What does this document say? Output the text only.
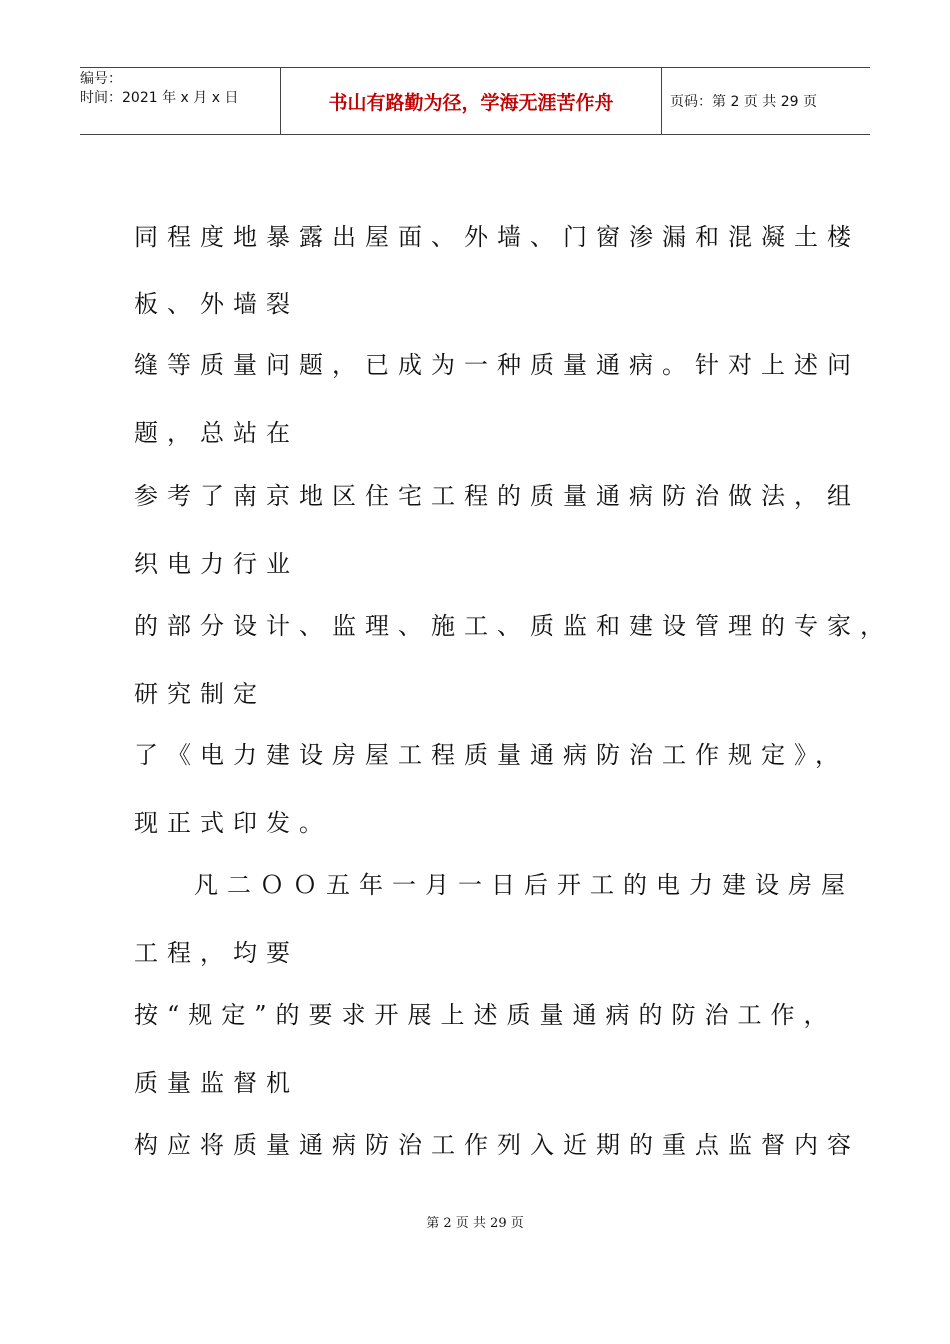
编号：
时间：2021 年 x 月 x 日	书山有路勤为径，学海无涯苦作舟	页码：第 2 页 共 29 页
同程度地暴露出屋面、外墙、门窗渗漏和混凝土楼
板、外墙裂
缝等质量问题，已成为一种质量通病。针对上述问
题，总站在
参考了南京地区住宅工程的质量通病防治做法，组
织电力行业
的部分设计、监理、施工、质监和建设管理的专家，
研究制定
了《电力建设房屋工程质量通病防治工作规定》，
现正式印发。
凡二ＯＯ五年一月一日后开工的电力建设房屋
工程，均要
按“规定”的要求开展上述质量通病的防治工作，
质量监督机
构应将质量通病防治工作列入近期的重点监督内容
第 2 页 共 29 页
